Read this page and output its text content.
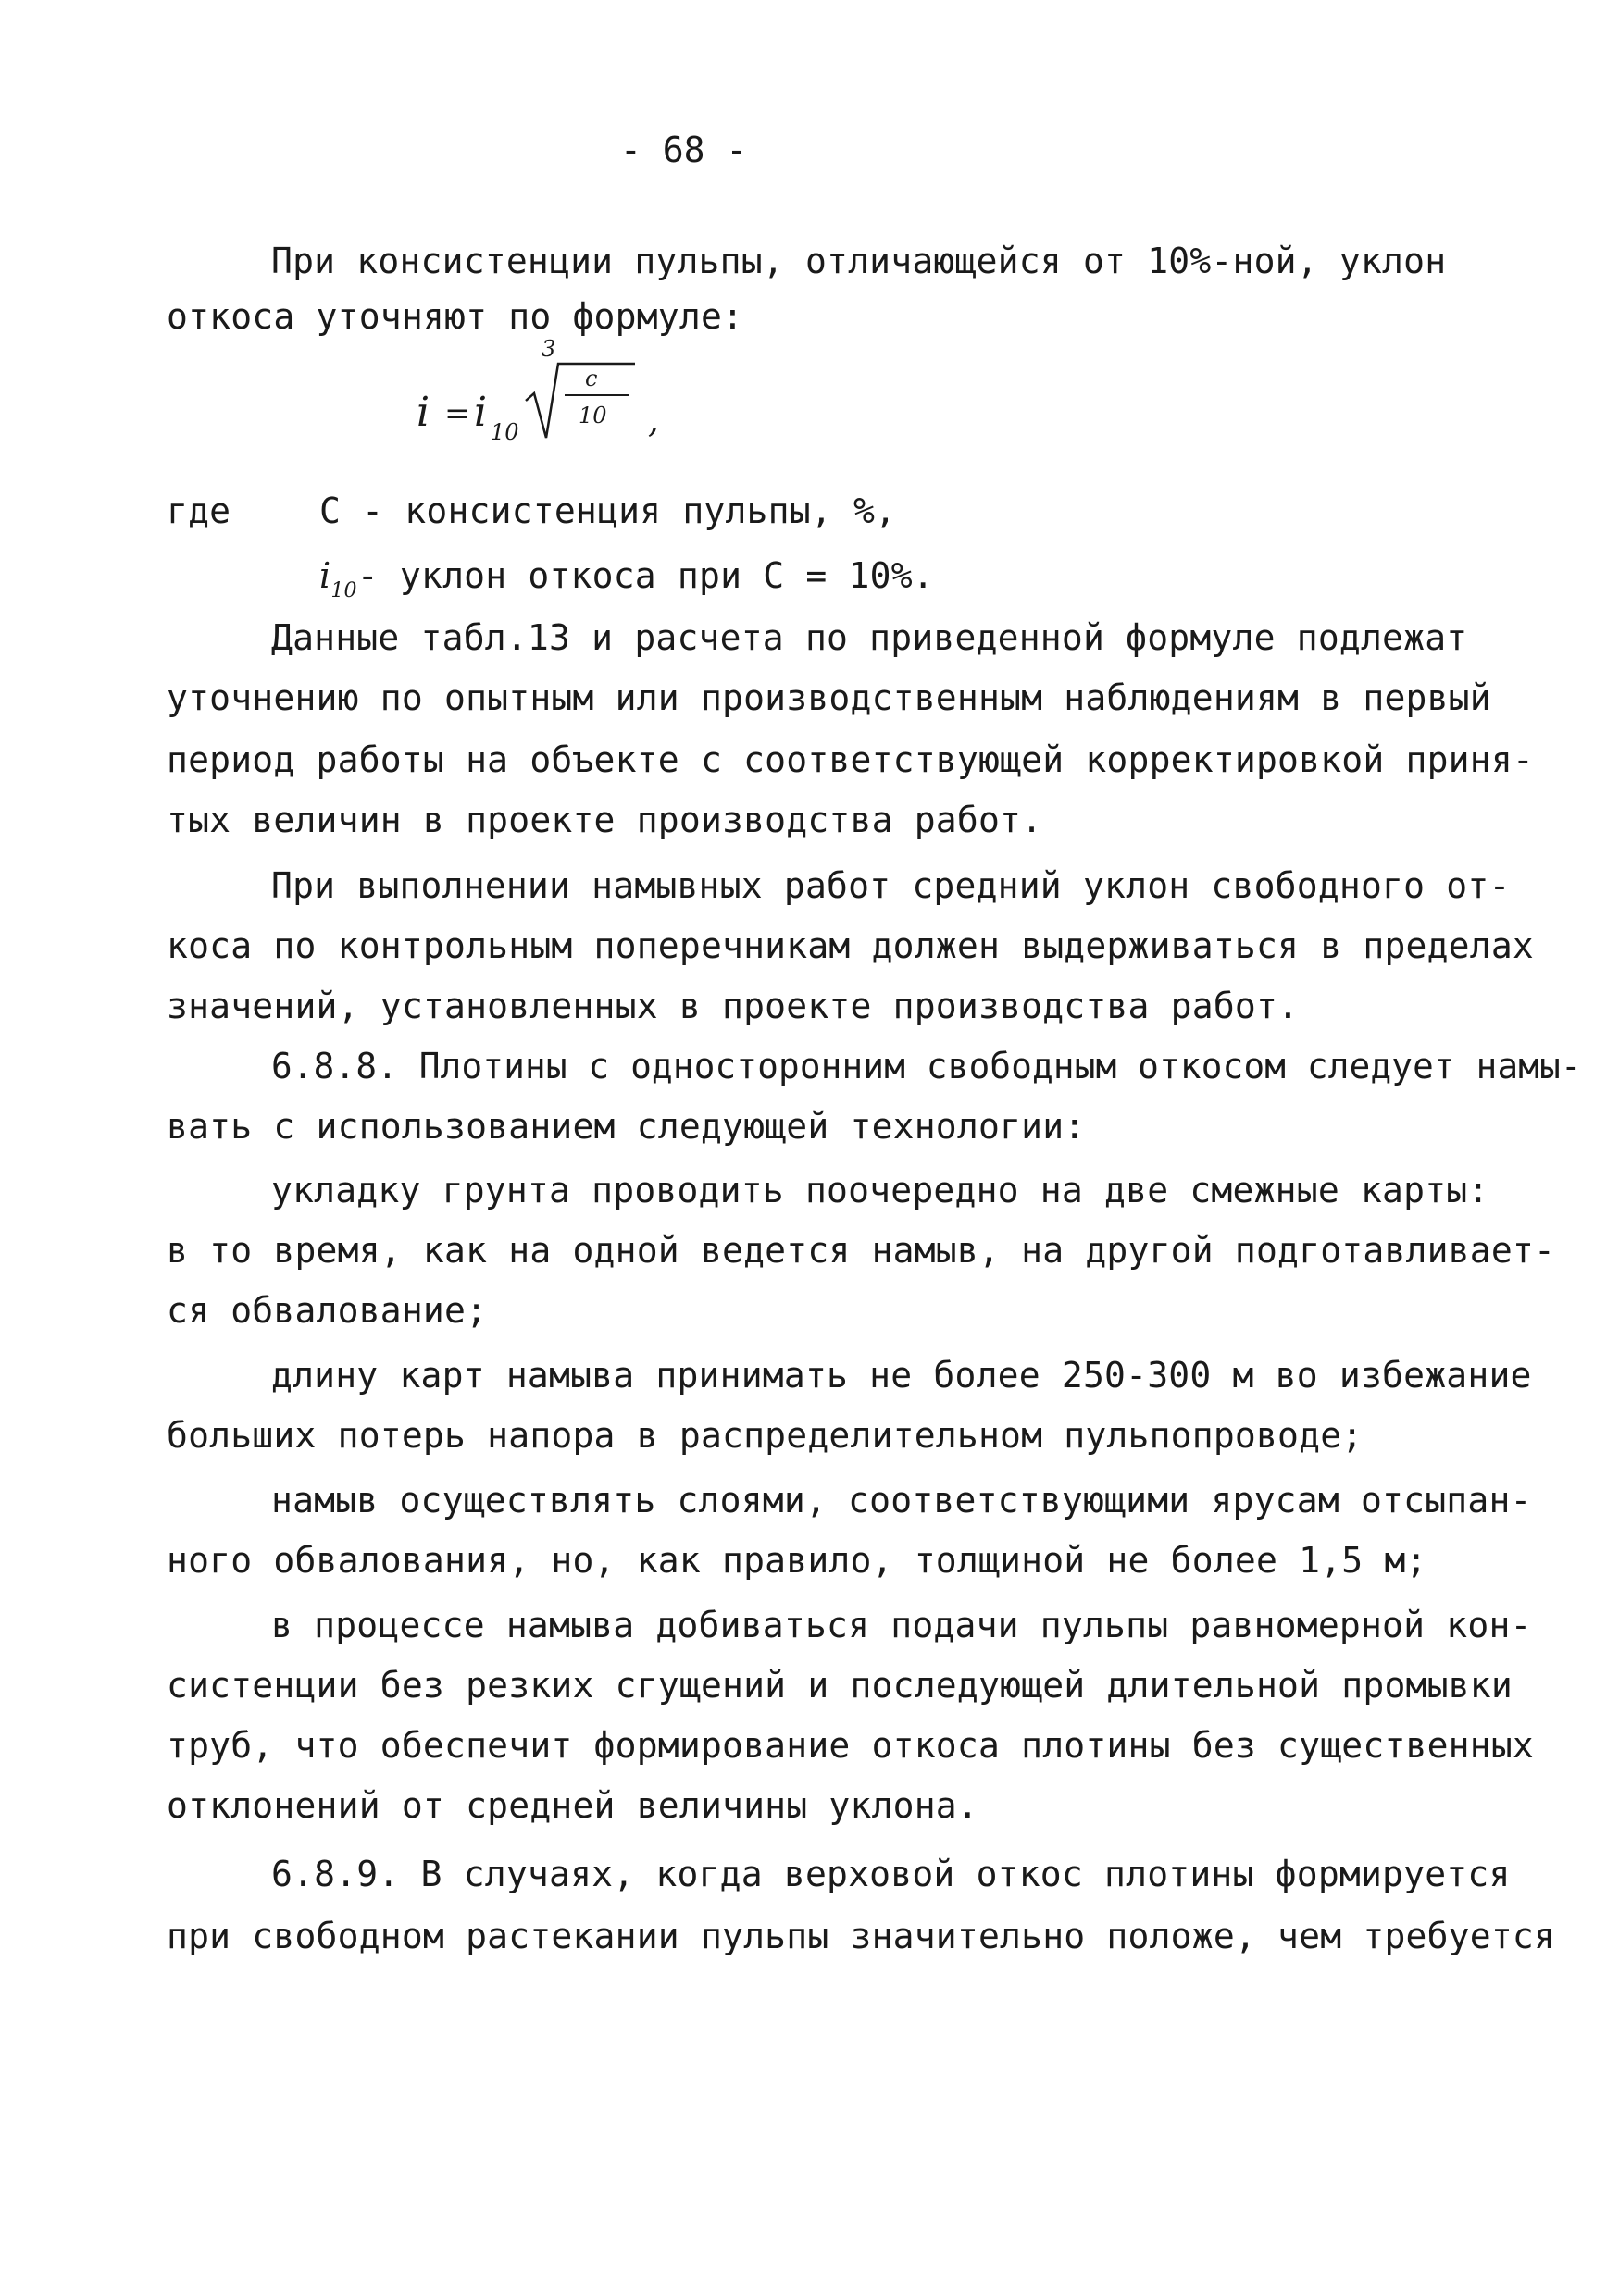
- 68 -
При консистенции пульпы, отличающейся от 10%-ной, уклон
откоса уточняют по формуле:
i = i 10
3
c
10 ,
где	С - консистенция пульпы, %,
$i_{10}-$ уклон откоса при С = 10%.
Данные табл.13 и расчета по приведенной формуле подлежат
уточнению по опытным или производственным наблюдениям в первый
период работы на объекте с соответствующей корректировкой приня-
тых величин в проекте производства работ.
При выполнении намывных работ средний уклон свободного от-
коса по контрольным поперечникам должен выдерживаться в пределах
значений, установленных в проекте производства работ.
6.8.8. Плотины с односторонним свободным откосом следует намы-
вать с использованием следующей технологии:
укладку грунта проводить поочередно на две смежные карты:
в то время, как на одной ведется намыв, на другой подготавливает-
ся обвалование;
длину карт намыва принимать не более 250-300 м во избежание
больших потерь напора в распределительном пульпопроводе;
намыв осуществлять слоями, соответствующими ярусам отсыпан-
ного обвалования, но, как правило, толщиной не более 1,5 м;
в процессе намыва добиваться подачи пульпы равномерной кон-
систенции без резких сгущений и последующей длительной промывки
труб, что обеспечит формирование откоса плотины без существенных
отклонений от средней величины уклона.
6.8.9. В случаях, когда верховой откос плотины формируется
при свободном растекании пульпы значительно положе, чем требуется
